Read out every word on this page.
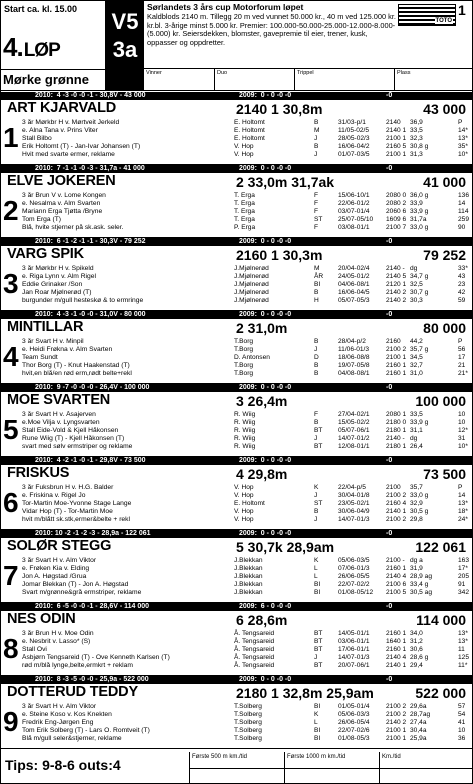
Start ca. kl. 15.00
4.LØP
Mørke grønne
V5
3a
Sørlandets 3 års cup Motorforum løpet
Kaldblods 2140 m. Tillegg 20 m ved vunnet 50.000 kr., 40 m ved 125.000 kr. kr.bl. 3-årige minst 5.000 kr. Premier: 100.000-50.000-25.000-12.000-8.000-(5.000) kr. Seiersdekken, blomster, gavepremie til eier, trener, kusk, oppasser og oppdretter.
TOTO
1
Vinner	Duo	Trippel	Plass
2010:  4 -3 -0 -0 -1 - 30,8V - 43 000	2009:  0 - 0 -0 -0	-0
ART KJARVALD
1 3 år Mørkbr H v. Mørtveit Jerkeld
e. Alna Tana v. Prins Viter
Stall Bilbo
Erik Holtomt (T) - Jan-Ivar Johansen (T)
Hvit med svarte ermer, reklame
2140 1 30,8m	43 000
E. Holtomt	B	31/03-p/1	2140 36,9	P
E. Holtomt	M	11/05-02/5	2140 1 33,5	14*
E. Holtomt	J	28/05-02/3 2100 1 32,3	13*
V. Hop	B	16/06-04/2 2160 5 30,8 g	35*
V. Hop	J	01/07-03/5 2100 1 31,3	10*
2010:  7 -1 -1 -0 -3 - 31,7a - 41 000	2009:  0 - 0 -0 -0	-0
ELVE JOKEREN
2 3 år Brun V v. Lome Kongen
e. Nesalma v. Alm Svarten
Mariann Erga Tjøtta /Bryne
Tom Erga (T)
Blå, hvite stjerner på sk.ask. seler.
2 33,0m 31,7ak	41 000
T. Erga	F	15/06-10/1 2080 0 36,0 g	136
T. Erga	F	22/06-01/2 2080 2 33,9	14
T. Erga	F	03/07-01/4 2060 6 33,9 g	114
T. Erga	ST 25/07-05/10 1609 6 31,7a	259
P. Erga	F	03/08-01/1 2100 7 33,0 g	90
2010:  6 -1 -2 -1 -1 - 30,3V - 79 252	2009:  0 - 0 -0 -0	-0
VARG SPIK
3 3 år Mørkbr H v. Spikeld
e. Riga Lynn v. Alm Rigel
Eddie Grinaker /Son
Jan Roar Mjølnerød (T)
burgunder m/gull hesteskø & to ermringe
2160 1 30,3m	79 252
J.Mjølnerød	M	20/04-02/4 2140 - dg	33*
J.Mjølnerød	ÅR 24/05-01/2 2140 5 34,7 g	43
J.Mjølnerød	BI	04/06-08/1 2120 1 32,5	23
J.Mjølnerød	B	16/06-04/5 2140 2 30,7 g	42
J.Mjølnerød	H	05/07-05/3 2140 2 30,3	59
2010:  4 -3 -1 -0 -0 - 31,0V - 80 000	2009:  0 - 0 -0 -0	-0
MINTILLAR
4 3 år Svart H v. Minpil
e. Heidi Frøkna v. Alm Svarten
Team Sundt
Thor Borg (T) - Knut Haakenstad (T)
hvit,en blå/en rød erm,rødt belte+rekl
2 31,0m	80 000
T.Borg	B	28/04-p/2	2160 44,2	P
T.Borg	J	11/06-01/3	2100 2 35,7 g	56
D. Antonsen	D	18/06-08/8 2100 1 34,5	17
T.Borg	B	19/07-05/8 2160 1 32,7	21
T.Borg	B	04/08-08/1 2160 1 31,0	21*
2010:  9 -7 -0 -0 -0 - 26,4V - 100 000	2009:  0 - 0 -0 -0	-0
MOE SVARTEN
5 3 år Svart H v. Åsajerven
e.Moe Vilja v. Lyngsvarten
Stall Eide-Vold & Kjell Håkonsen
Rune Wiig (T) - Kjell Håkonsen (T)
svart med sølv ermstriper og reklame
3 26,4m	100 000
R. Wiig	F	27/04-02/1 2080 1 33,5	10
R. Wiig	B	15/05-02/2 2180 0 33,9 g	10
R. Wiig	BT 05/07-06/1 2180 1 31,1	12*
R. Wiig	J	14/07-01/2 2140 - dg	31
R. Wiig	BT 12/08-01/1 2180 1 26,4	10*
2010:  4 -2 -1 -0 -1 - 29,8V - 73 500	2009:  0 - 0 -0 -0	-0
FRISKUS
6 3 år Fuksbrun H v. H.G. Balder
e. Friskina v. Rigel Jo
Tor-Martin Moe-Yvonne Stage Lange
Vidar Hop (T) - Tor-Martin Moe
hvit m/blått sk.stk,ermer&belte + rekl
4 29,8m	73 500
V. Hop	K	22/04-p/5	2100 35,7	P
V. Hop	J	30/04-01/8 2100 2 33,0 g	14
E. Holtomt	ST 23/05-02/1 2160 4 32,9	13*
V. Hop	B	30/06-04/9 2140 1 30,5 g	18*
V. Hop	J	14/07-01/3 2100 2 29,8	24*
2010: 10 -2 -1 -2 -3 - 28,9a - 122 061	2009:  0 - 0 -0 -0	-0
SOLØR STEGG
7 3 år Svart H v. Alm Viktor
e. Frøken Kia v. Elding
Jon A. Høgstad /Grua
Jomar Blekkan (T) - Jon A. Høgstad
Svart m/grønne&grå ermstriper, reklame
5 30,7k 28,9am	122 061
J.Blekkan	K	05/06-03/5 2100 - dg a	163
J.Blekkan	L	07/06-01/3 2160 1 31,9	17*
J.Blekkan	L	26/06-05/5 2140 4 28,9 ag	205
J.Blekkan	BI	22/07-02/2 2100 6 33,4 g	91
J.Blekkan	BI	01/08-05/12 2100 5 30,5 ag	342
2010:  6 -5 -0 -0 -1 - 28,6V - 114 000	2009:  6 - 0 -0 -0	-0
NES ODIN
8 3 år Brun H v. Moe Odin
e. Nesbrit v. Lasso* (S)
Stall Ovi
Åsbjørn Tengsareid (T) - Ove Kenneth Karlsen (T)
rød m/blå lynge,belte,ermkrt + reklam
6 28,6m	114 000
Å. Tengsareid	BT 14/05-01/1 2160 1 34,0	13*
Å. Tengsareid	BT 03/06-01/1 1640 1 31,2	13*
Å. Tengsareid	BT 17/06-01/1 2160 1 30,6	11
Å. Tengsareid	J	14/07-01/3 2140 4 28,6 g	125
Å. Tengsareid	BT 20/07-06/1 2140 1 29,4	11*
2010:  8 -3 -5 -0 -0 - 25,9a - 522 000	2009:  0 - 0 -0 -0	-0
DOTTERUD TEDDY
9 3 år Svart H v. Alm Viktor
e. Steine Koso v. Kos Knekten
Fredrik Eng-Jørgen Eng
Tom Erik Solberg (T) - Lars O. Romtveit (T)
Blå m/gull seler&stjerner, reklame
2180 1 32,8m 25,9am	522 000
T.Solberg	BI	01/05-01/4 2100 2 29,6a	57
T.Solberg	K	05/06-03/3 2100 2 28,7ag	54
T.Solberg	L	26/06-05/4 2140 2 27,4a	41
T.Solberg	BI	22/07-02/6 2100 1 30,4a	10
T.Solberg	BI	01/08-05/3 2100 1 25,9a	36
Tips: 9-8-6 outs:4	Første 500 m km./tid	Første 1000 m km./tid	Km./tid
